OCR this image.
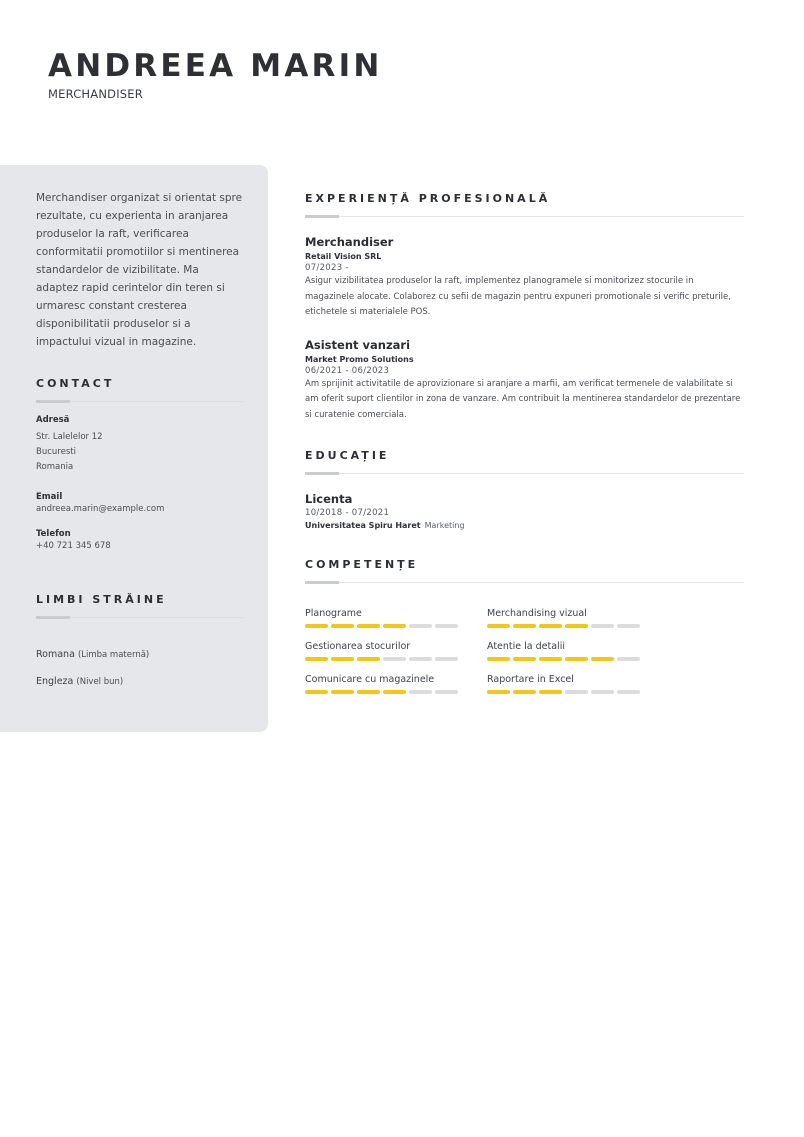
ANDREEA MARIN
MERCHANDISER

Merchandiser organizat si orientat spre rezultate, cu experienta in aranjarea produselor la raft, verificarea conformitatii promotiilor si mentinerea standardelor de vizibilitate. Ma adaptez rapid cerintelor din teren si urmaresc constant cresterea disponibilitatii produselor si a impactului vizual in magazine.

CONTACT
Adresă
Str. Lalelelor 12
Bucuresti
Romania
Email
andreea.marin@example.com
Telefon
+40 721 345 678
LIMBI STRĂINE
Romana (Limba maternă)
Engleza (Nivel bun)
EXPERIENȚĂ PROFESIONALĂ
Merchandiser
Retail Vision SRL
07/2023 -
Asigur vizibilitatea produselor la raft, implementez planogramele si monitorizez stocurile in magazinele alocate. Colaborez cu sefii de magazin pentru expuneri promotionale si verific preturile, etichetele si materialele POS.
Asistent vanzari
Market Promo Solutions
06/2021 - 06/2023
Am sprijinit activitatile de aprovizionare si aranjare a marfii, am verificat termenele de valabilitate si am oferit suport clientilor in zona de vanzare. Am contribuit la mentinerea standardelor de prezentare si curatenie comerciala.
EDUCAȚIE
Licenta
10/2018 - 07/2021
Universitatea Spiru Haret Marketing
COMPETENȚE
Planograme	Merchandising vizual
Gestionarea stocurilor	Atentie la detalii
Comunicare cu magazinele	Raportare in Excel
